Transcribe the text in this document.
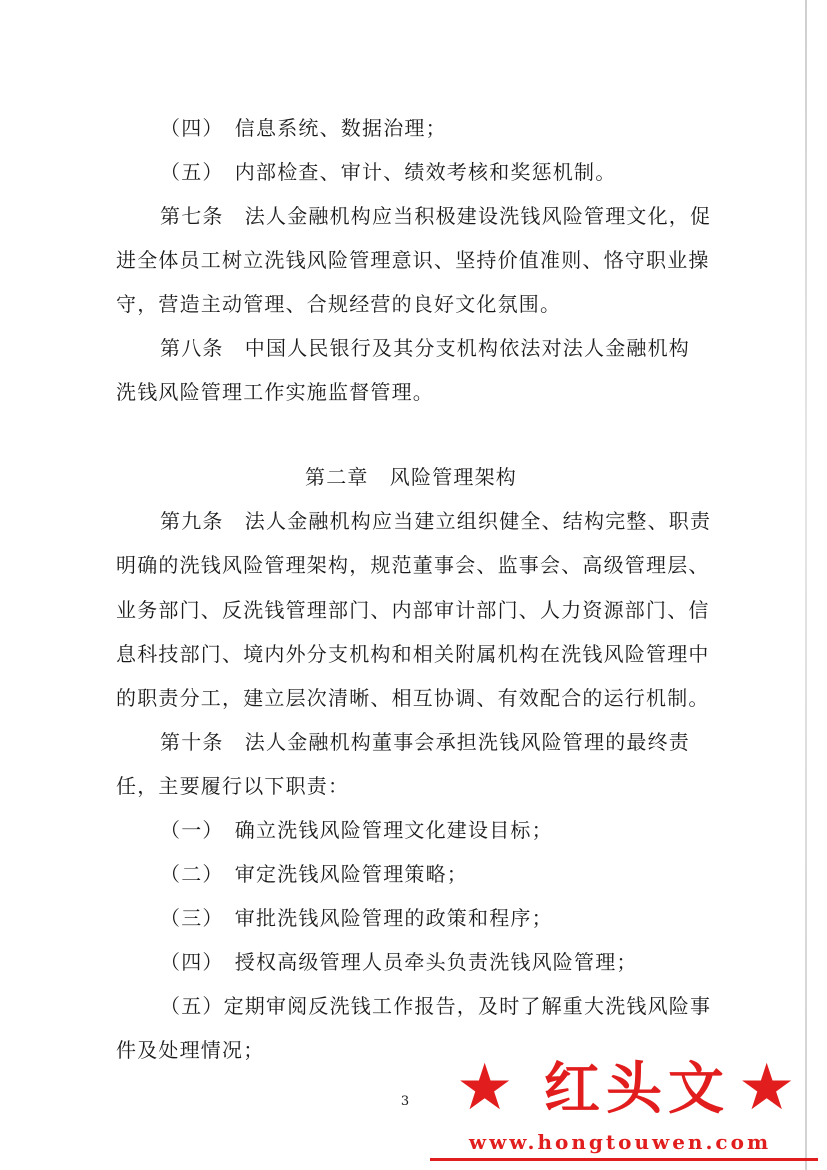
（四）　信息系统、数据治理；
（五）　内部检查、审计、绩效考核和奖惩机制。
第七条　法人金融机构应当积极建设洗钱风险管理文化，促
进全体员工树立洗钱风险管理意识、坚持价值准则、恪守职业操
守，营造主动管理、合规经营的良好文化氛围。
第八条　中国人民银行及其分支机构依法对法人金融机构
洗钱风险管理工作实施监督管理。
第二章　风险管理架构
第九条　法人金融机构应当建立组织健全、结构完整、职责
明确的洗钱风险管理架构，规范董事会、监事会、高级管理层、
业务部门、反洗钱管理部门、内部审计部门、人力资源部门、信
息科技部门、境内外分支机构和相关附属机构在洗钱风险管理中
的职责分工，建立层次清晰、相互协调、有效配合的运行机制。
第十条　法人金融机构董事会承担洗钱风险管理的最终责
任，主要履行以下职责：
（一）　确立洗钱风险管理文化建设目标；
（二）　审定洗钱风险管理策略；
（三）　审批洗钱风险管理的政策和程序；
（四）　授权高级管理人员牵头负责洗钱风险管理；
（五）定期审阅反洗钱工作报告，及时了解重大洗钱风险事
件及处理情况；
3 ★ 红头文 ★
www.hongtouwen.com
